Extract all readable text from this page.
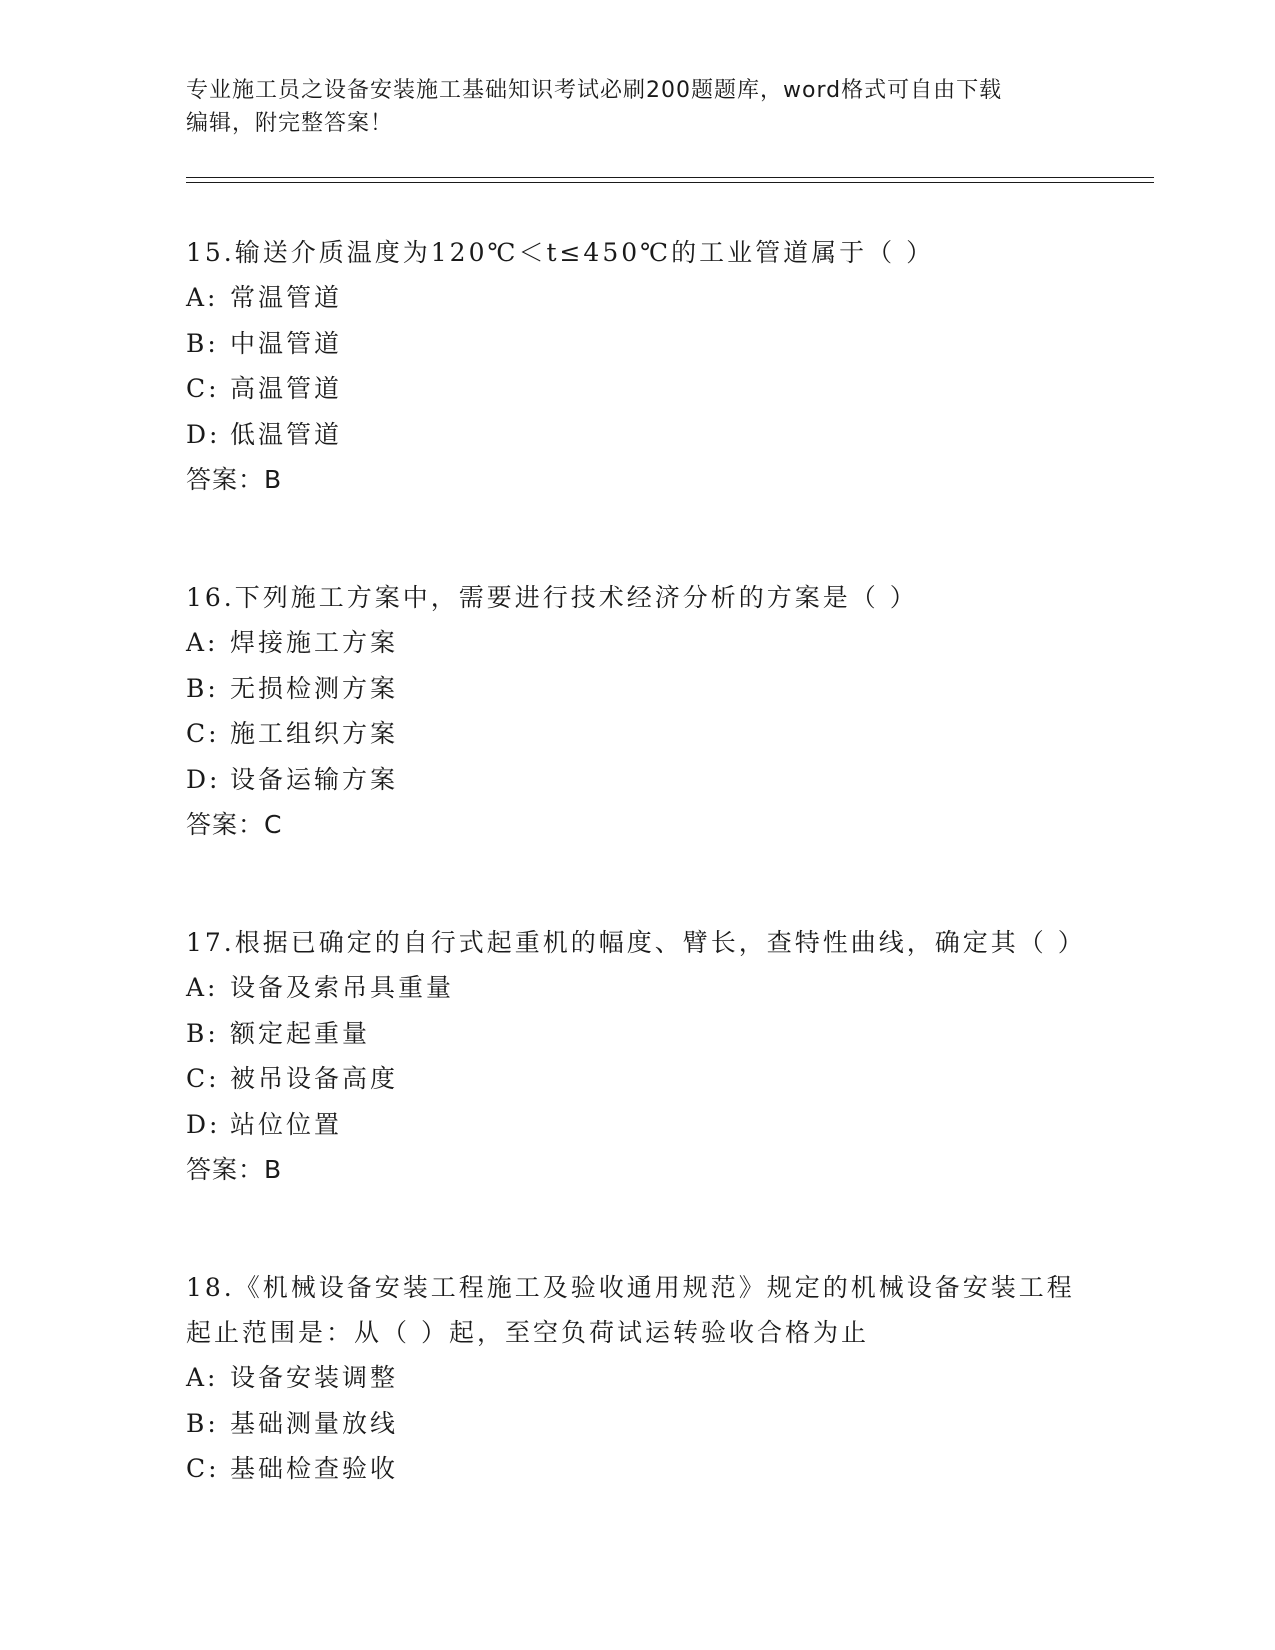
专业施工员之设备安装施工基础知识考试必刷200题题库，word格式可自由下载
编辑，附完整答案！

15.输送介质温度为120℃＜t≤450℃的工业管道属于（ ）

A: 常温管道

B: 中温管道

C: 高温管道

D: 低温管道

答案：B

16.下列施工方案中，需要进行技术经济分析的方案是（ ）

A: 焊接施工方案

B: 无损检测方案

C: 施工组织方案

D: 设备运输方案

答案：C

17.根据已确定的自行式起重机的幅度、臂长，查特性曲线，确定其（ ）

A: 设备及索吊具重量

B: 额定起重量

C: 被吊设备高度

D: 站位位置

答案：B

18.《机械设备安装工程施工及验收通用规范》规定的机械设备安装工程起止范围是：从（ ）起，至空负荷试运转验收合格为止

A: 设备安装调整

B: 基础测量放线

C: 基础检查验收
